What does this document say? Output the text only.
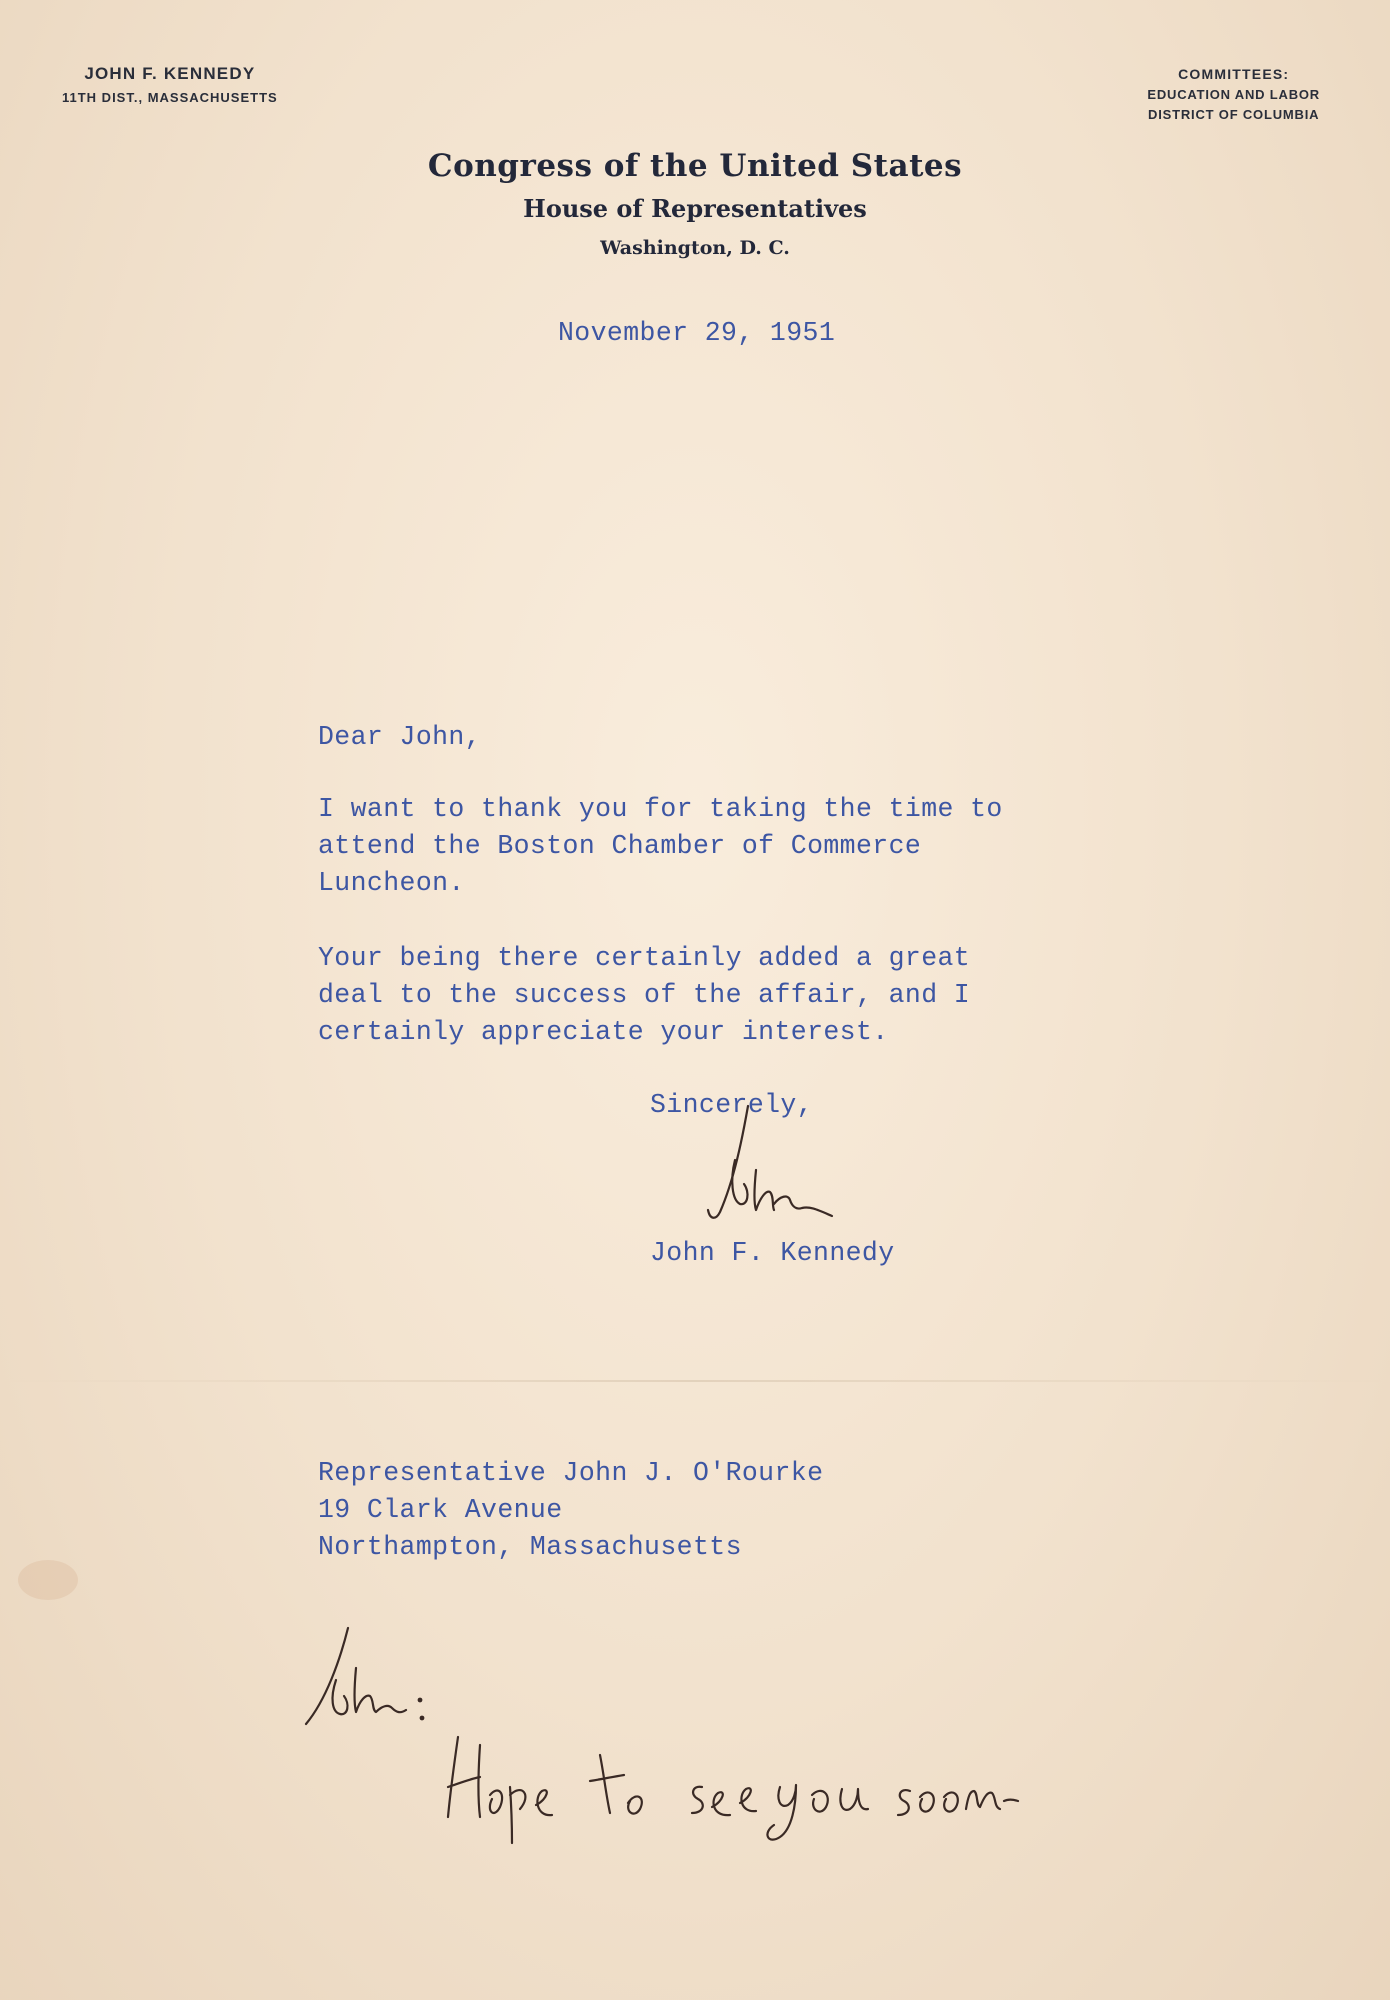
JOHN F. KENNEDY
11TH DIST., MASSACHUSETTS
COMMITTEES:
EDUCATION AND LABOR
DISTRICT OF COLUMBIA
Congress of the United States
House of Representatives
Washington, D. C.
November 29, 1951
Dear John,
I want to thank you for taking the time to
attend the Boston Chamber of Commerce
Luncheon.
Your being there certainly added a great
deal to the success of the affair, and I
certainly appreciate your interest.
Sincerely,
John F. Kennedy
Representative John J. O'Rourke
19 Clark Avenue
Northampton, Massachusetts
